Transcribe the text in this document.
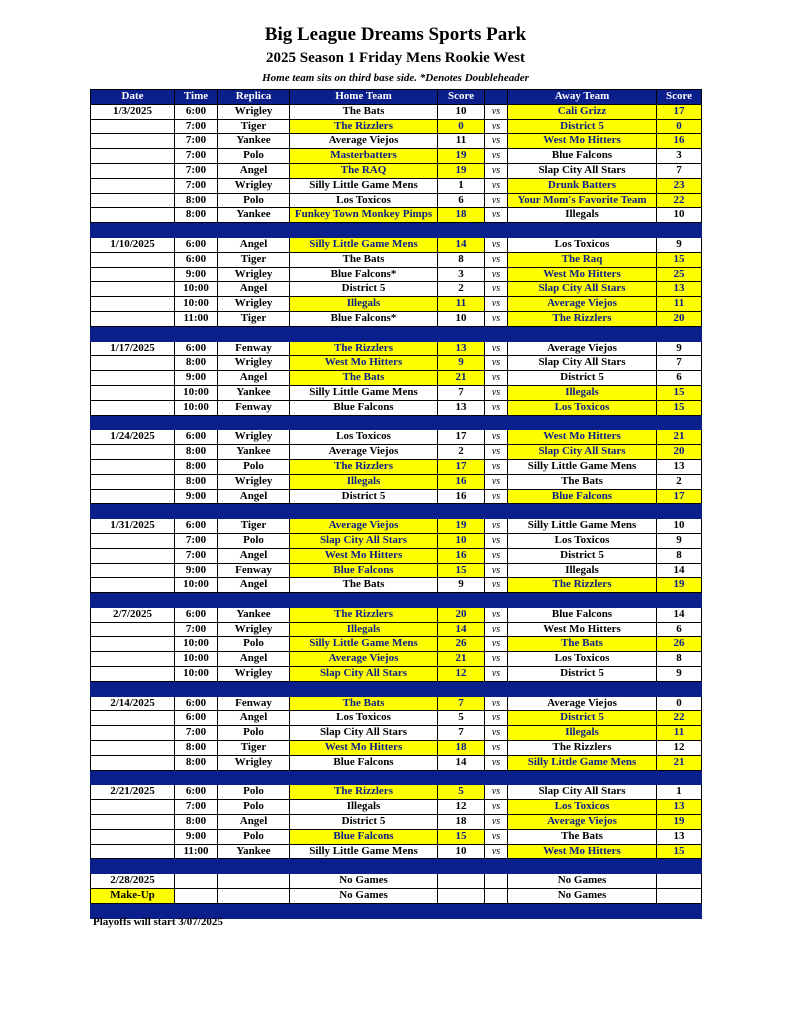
Big League Dreams Sports Park
2025 Season 1 Friday Mens Rookie West
Home team sits on third base side. *Denotes Doubleheader
Date	Time	Replica	Home Team	Score		Away Team	Score
1/3/2025	6:00	Wrigley	The Bats	10	vs	Cali Grizz	17
	7:00	Tiger	The Rizzlers	0	vs	District 5	0
	7:00	Yankee	Average Viejos	11	vs	West Mo Hitters	16
	7:00	Polo	Masterbatters	19	vs	Blue Falcons	3
	7:00	Angel	The RAQ	19	vs	Slap City All Stars	7
	7:00	Wrigley	Silly Little Game Mens	1	vs	Drunk Batters	23
	8:00	Polo	Los Toxicos	6	vs	Your Mom's Favorite Team	22
	8:00	Yankee	Funkey Town Monkey Pimps	18	vs	Illegals	10

1/10/2025	6:00	Angel	Silly Little Game Mens	14	vs	Los Toxicos	9
	6:00	Tiger	The Bats	8	vs	The Raq	15
	9:00	Wrigley	Blue Falcons*	3	vs	West Mo Hitters	25
	10:00	Angel	District 5	2	vs	Slap City All Stars	13
	10:00	Wrigley	Illegals	11	vs	Average Viejos	11
	11:00	Tiger	Blue Falcons*	10	vs	The Rizzlers	20

1/17/2025	6:00	Fenway	The Rizzlers	13	vs	Average Viejos	9
	8:00	Wrigley	West Mo Hitters	9	vs	Slap City All Stars	7
	9:00	Angel	The Bats	21	vs	District 5	6
	10:00	Yankee	Silly Little Game Mens	7	vs	Illegals	15
	10:00	Fenway	Blue Falcons	13	vs	Los Toxicos	15

1/24/2025	6:00	Wrigley	Los Toxicos	17	vs	West Mo Hitters	21
	8:00	Yankee	Average Viejos	2	vs	Slap City All Stars	20
	8:00	Polo	The Rizzlers	17	vs	Silly Little Game Mens	13
	8:00	Wrigley	Illegals	16	vs	The Bats	2
	9:00	Angel	District 5	16	vs	Blue Falcons	17

1/31/2025	6:00	Tiger	Average Viejos	19	vs	Silly Little Game Mens	10
	7:00	Polo	Slap City All Stars	10	vs	Los Toxicos	9
	7:00	Angel	West Mo Hitters	16	vs	District 5	8
	9:00	Fenway	Blue Falcons	15	vs	Illegals	14
	10:00	Angel	The Bats	9	vs	The Rizzlers	19

2/7/2025	6:00	Yankee	The Rizzlers	20	vs	Blue Falcons	14
	7:00	Wrigley	Illegals	14	vs	West Mo Hitters	6
	10:00	Polo	Silly Little Game Mens	26	vs	The Bats	26
	10:00	Angel	Average Viejos	21	vs	Los Toxicos	8
	10:00	Wrigley	Slap City All Stars	12	vs	District 5	9

2/14/2025	6:00	Fenway	The Bats	7	vs	Average Viejos	0
	6:00	Angel	Los Toxicos	5	vs	District 5	22
	7:00	Polo	Slap City All Stars	7	vs	Illegals	11
	8:00	Tiger	West Mo Hitters	18	vs	The Rizzlers	12
	8:00	Wrigley	Blue Falcons	14	vs	Silly Little Game Mens	21

2/21/2025	6:00	Polo	The Rizzlers	5	vs	Slap City All Stars	1
	7:00	Polo	Illegals	12	vs	Los Toxicos	13
	8:00	Angel	District 5	18	vs	Average Viejos	19
	9:00	Polo	Blue Falcons	15	vs	The Bats	13
	11:00	Yankee	Silly Little Game Mens	10	vs	West Mo Hitters	15

2/28/2025			No Games			No Games	
Make-Up			No Games			No Games	

Playoffs will start 3/07/2025
